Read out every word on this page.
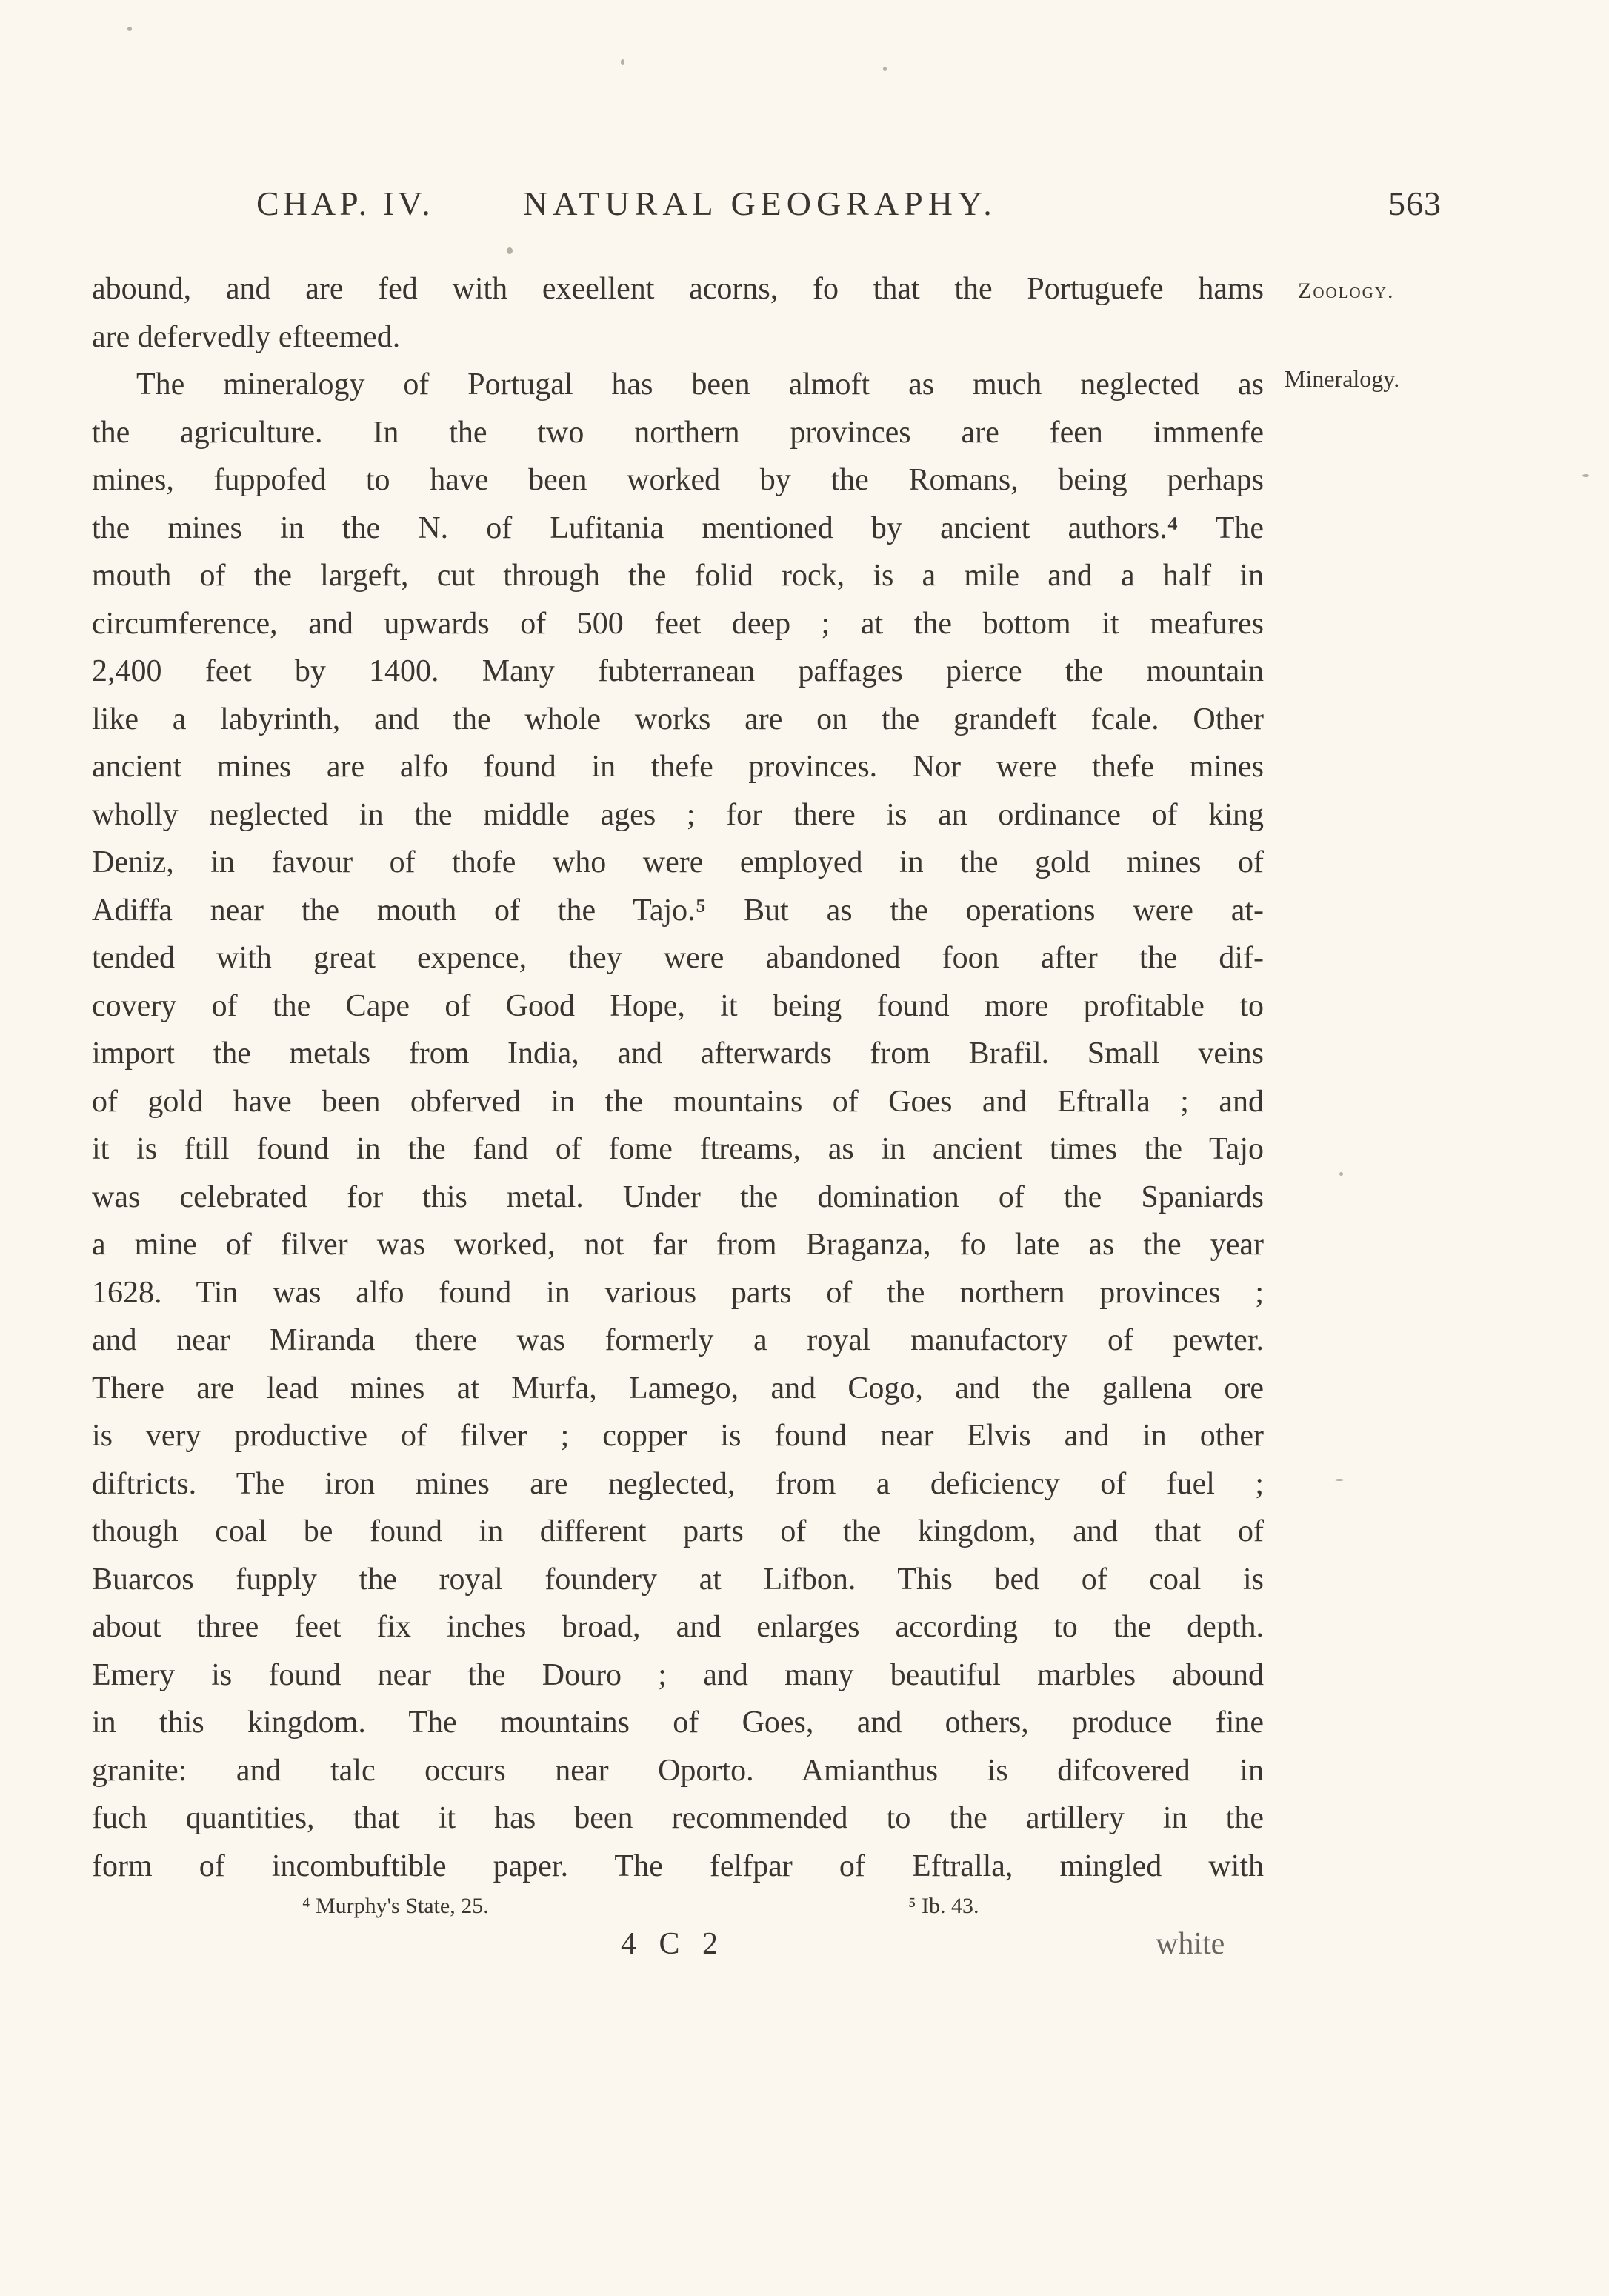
CHAP. IV.	NATURAL GEOGRAPHY.	563
Zoology.
Mineralogy.
abound, and are fed with exeellent acorns, fo that the Portuguefe hams
are defervedly efteemed.
The mineralogy of Portugal has been almoft as much neglected as
the agriculture. In the two northern provinces are feen immenfe
mines, fuppofed to have been worked by the Romans, being perhaps
the mines in the N. of Lufitania mentioned by ancient authors.⁴ The
mouth of the largeft, cut through the folid rock, is a mile and a half in
circumference, and upwards of 500 feet deep ; at the bottom it meafures
2,400 feet by 1400. Many fubterranean paffages pierce the mountain
like a labyrinth, and the whole works are on the grandeft fcale. Other
ancient mines are alfo found in thefe provinces. Nor were thefe mines
wholly neglected in the middle ages ; for there is an ordinance of king
Deniz, in favour of thofe who were employed in the gold mines of
Adiffa near the mouth of the Tajo.⁵ But as the operations were at-
tended with great expence, they were abandoned foon after the dif-
covery of the Cape of Good Hope, it being found more profitable to
import the metals from India, and afterwards from Brafil. Small veins
of gold have been obferved in the mountains of Goes and Eftralla ; and
it is ftill found in the fand of fome ftreams, as in ancient times the Tajo
was celebrated for this metal. Under the domination of the Spaniards
a mine of filver was worked, not far from Braganza, fo late as the year
1628. Tin was alfo found in various parts of the northern provinces ;
and near Miranda there was formerly a royal manufactory of pewter.
There are lead mines at Murfa, Lamego, and Cogo, and the gallena ore
is very productive of filver ; copper is found near Elvis and in other
diftricts. The iron mines are neglected, from a deficiency of fuel ;
though coal be found in different parts of the kingdom, and that of
Buarcos fupply the royal foundery at Lifbon. This bed of coal is
about three feet fix inches broad, and enlarges according to the depth.
Emery is found near the Douro ; and many beautiful marbles abound
in this kingdom. The mountains of Goes, and others, produce fine
granite: and talc occurs near Oporto. Amianthus is difcovered in
fuch quantities, that it has been recommended to the artillery in the
form of incombuftible paper. The felfpar of Eftralla, mingled with
⁴ Murphy's State, 25.	⁵ Ib. 43.
4 C 2	white
